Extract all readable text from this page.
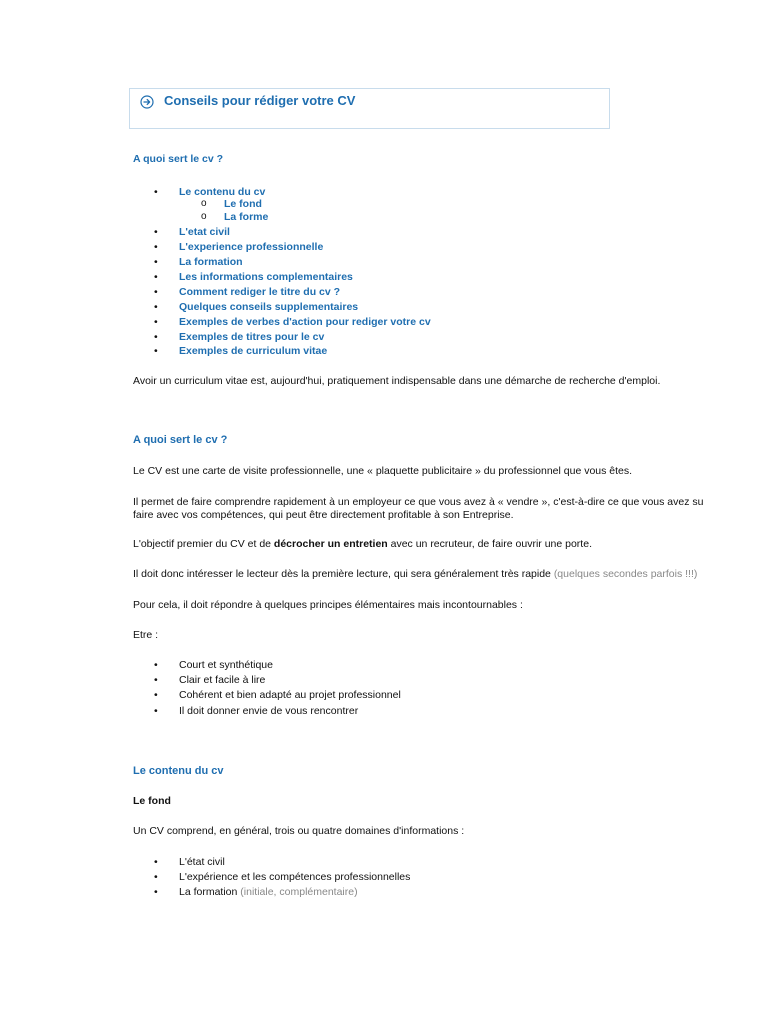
Conseils pour rédiger votre CV
A quoi sert le cv ?
• Le contenu du cv
o Le fond
o La forme
• L'etat civil
• L'experience professionnelle
• La formation
• Les informations complementaires
• Comment rediger le titre du cv ?
• Quelques conseils supplementaires
• Exemples de verbes d'action pour rediger votre cv
• Exemples de titres pour le cv
• Exemples de curriculum vitae
Avoir un curriculum vitae est, aujourd'hui, pratiquement indispensable dans une démarche de recherche d'emploi.
A quoi sert le cv ?
Le CV est une carte de visite professionnelle, une « plaquette publicitaire » du professionnel que vous êtes.
Il permet de faire comprendre rapidement à un employeur ce que vous avez à « vendre », c'est-à-dire ce que vous avez su
faire avec vos compétences, qui peut être directement profitable à son Entreprise.
L'objectif premier du CV et de décrocher un entretien avec un recruteur, de faire ouvrir une porte.
Il doit donc intéresser le lecteur dès la première lecture, qui sera généralement très rapide (quelques secondes parfois !!!)
Pour cela, il doit répondre à quelques principes élémentaires mais incontournables :
Etre :
• Court et synthétique
• Clair et facile à lire
• Cohérent et bien adapté au projet professionnel
• Il doit donner envie de vous rencontrer
Le contenu du cv
Le fond
Un CV comprend, en général, trois ou quatre domaines d'informations :
• L'état civil
• L'expérience et les compétences professionnelles
• La formation (initiale, complémentaire)
